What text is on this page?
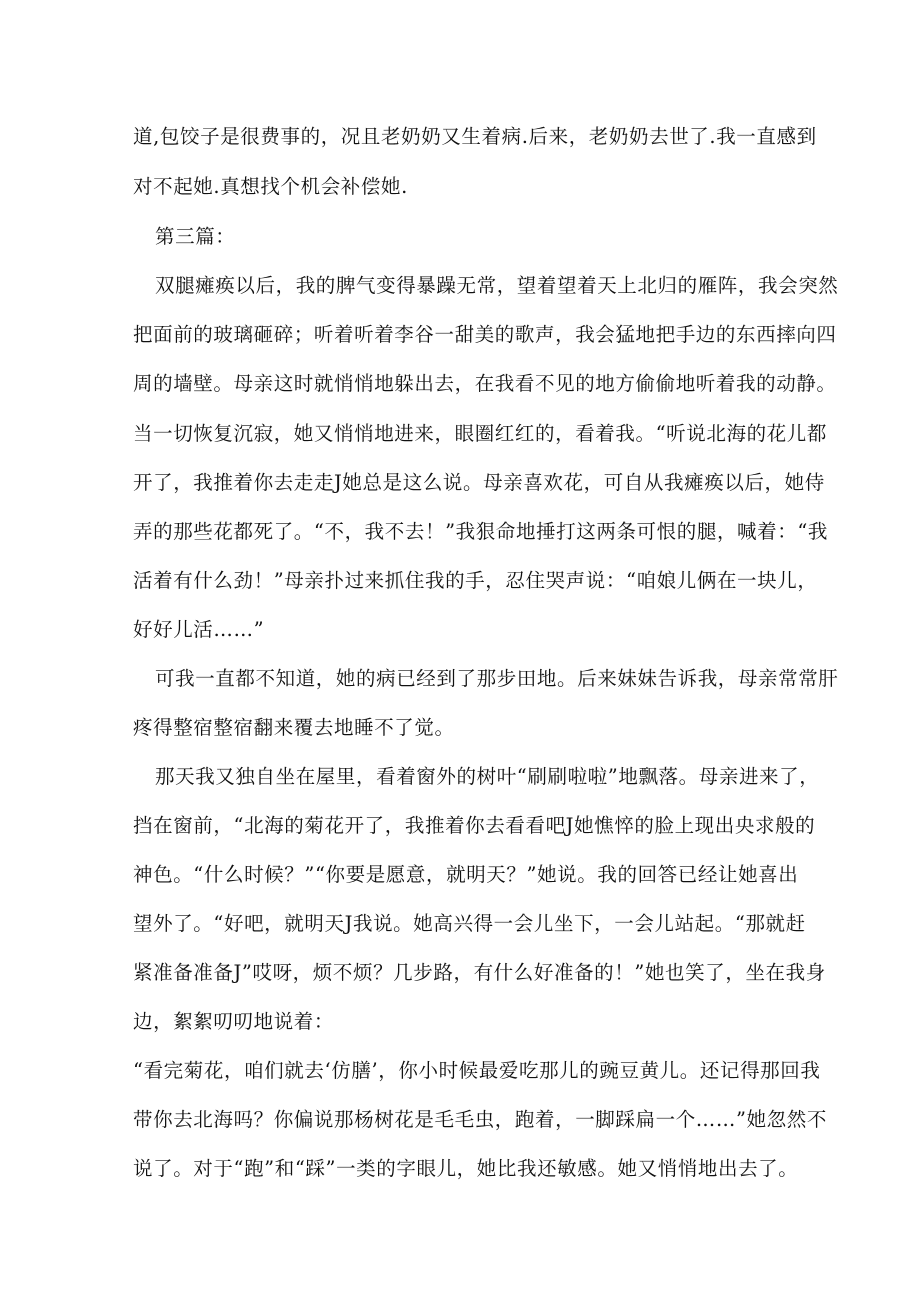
道,包饺子是很费事的，况且老奶奶又生着病.后来，老奶奶去世了.我一直感到
对不起她.真想找个机会补偿她.
第三篇：
双腿瘫痪以后，我的脾气变得暴躁无常，望着望着天上北归的雁阵，我会突然
把面前的玻璃砸碎；听着听着李谷一甜美的歌声，我会猛地把手边的东西摔向四
周的墙壁。母亲这时就悄悄地躲出去，在我看不见的地方偷偷地听着我的动静。
当一切恢复沉寂，她又悄悄地进来，眼圈红红的，看着我。“听说北海的花儿都
开了，我推着你去走走J她总是这么说。母亲喜欢花，可自从我瘫痪以后，她侍
弄的那些花都死了。“不，我不去！”我狠命地捶打这两条可恨的腿，喊着：“我
活着有什么劲！”母亲扑过来抓住我的手，忍住哭声说：“咱娘儿俩在一块儿，
好好儿活……”
可我一直都不知道，她的病已经到了那步田地。后来妹妹告诉我，母亲常常肝
疼得整宿整宿翻来覆去地睡不了觉。
那天我又独自坐在屋里，看着窗外的树叶“刷刷啦啦”地飘落。母亲进来了，
挡在窗前，“北海的菊花开了，我推着你去看看吧J她憔悴的脸上现出央求般的
神色。“什么时候？”“你要是愿意，就明天？”她说。我的回答已经让她喜出
望外了。“好吧，就明天J我说。她高兴得一会儿坐下，一会儿站起。“那就赶
紧准备准备J”哎呀，烦不烦？几步路，有什么好准备的！”她也笑了，坐在我身
边，絮絮叨叨地说着：
“看完菊花，咱们就去‘仿膳’，你小时候最爱吃那儿的豌豆黄儿。还记得那回我
带你去北海吗？你偏说那杨树花是毛毛虫，跑着，一脚踩扁一个……”她忽然不
说了。对于“跑”和“踩”一类的字眼儿，她比我还敏感。她又悄悄地出去了。
